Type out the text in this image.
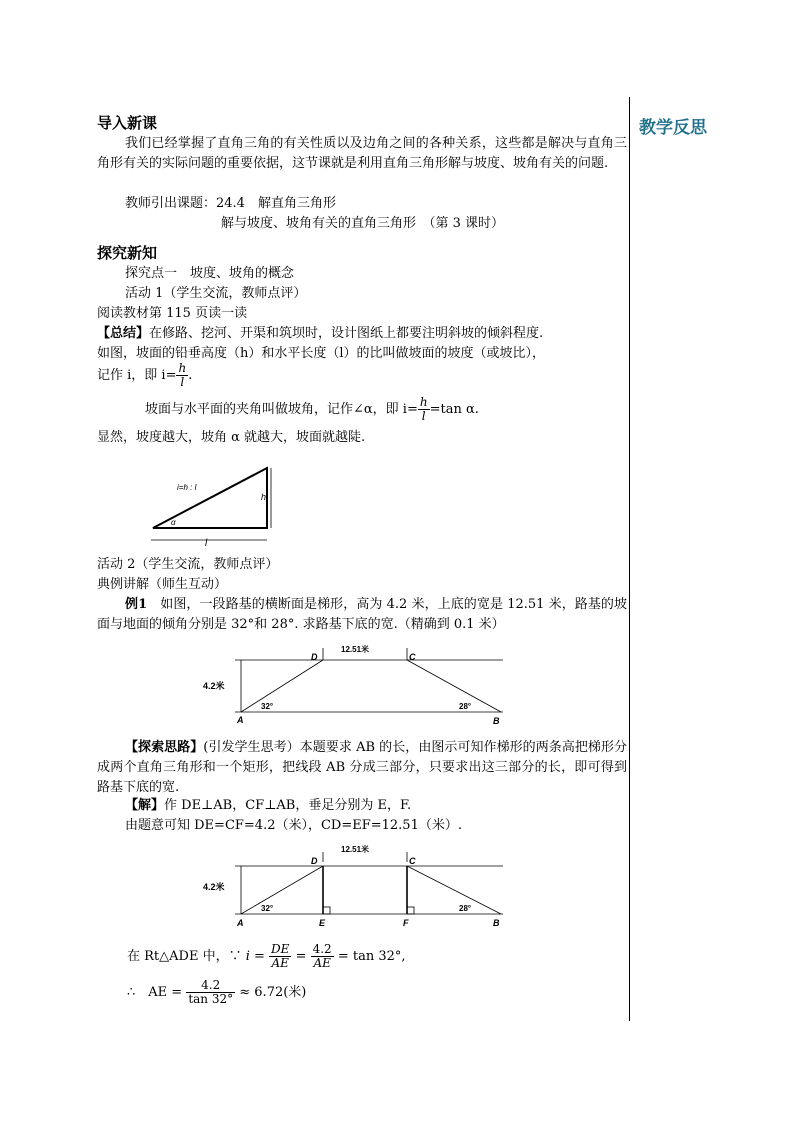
教学反思
导入新课
我们已经掌握了直角三角的有关性质以及边角之间的各种关系，这些都是解决与直角三角形有关的实际问题的重要依据，这节课就是利用直角三角形解与坡度、坡角有关的问题.
教师引出课题：24.4　解直角三角形
解与坡度、坡角有关的直角三角形　（第 3 课时）
探究新知
探究点一　坡度、坡角的概念
活动 1（学生交流，教师点评）
阅读教材第 115 页读一读
【总结】在修路、挖河、开渠和筑坝时，设计图纸上都要注明斜坡的倾斜程度.
如图，坡面的铅垂高度（h）和水平长度（l）的比叫做坡面的坡度（或坡比），
记作 i，即 $i= \frac{h}{l}$ .
坡面与水平面的夹角叫做坡角，记作∠α，即 $i= \frac{h}{l} =\tan$ α.
显然，坡度越大，坡角 α 就越大，坡面就越陡.
i=h : l
h
l
α
活动 2（学生交流，教师点评）
典例讲解（师生互动）
例1　 如图，一段路基的横断面是梯形，高为 4.2 米，上底的宽是 12.51 米，路基的坡面与地面的倾角分别是 32°和 28°. 求路基下底的宽.（精确到 0.1 米）
12.51米
4.2米
32°	28°
A	B
C
D
【探索思路】(引发学生思考）本题要求 AB 的长，由图示可知作梯形的两条高把梯形分成两个直角三角形和一个矩形，把线段 AB 分成三部分，只要求出这三部分的长，即可得到路基下底的宽.
【解】作 DE⊥AB，CF⊥AB，垂足分别为 E，F.
由题意可知 DE=CF=4.2（米），CD=EF=12.51（米）.
12.51米
4.2米
32°	28°
A	B
C
D
E	F
在 Rt△ADE 中，∵ $i = \frac{DE}{AE} = \frac{4.2}{AE} = \tan 32^\circ$,
∴　AE = $\frac{4.2}{\tan 32^\circ} \approx 6.72$(米)
